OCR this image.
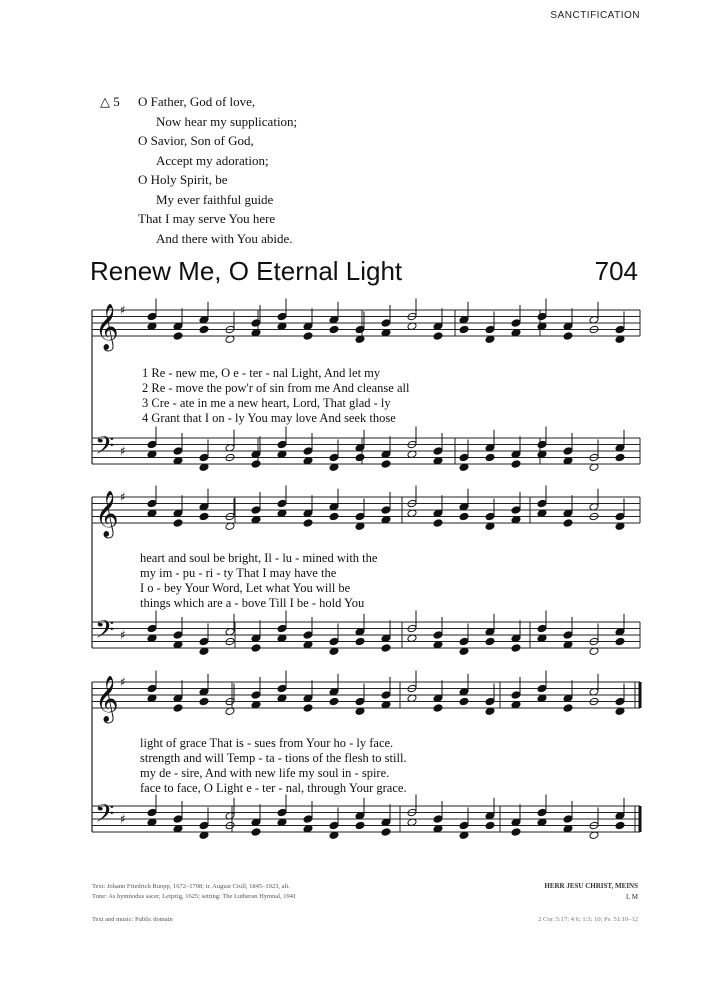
SANCTIFICATION
△ 5	O Father, God of love,
Now hear my supplication;
O Savior, Son of God,
Accept my adoration;
O Holy Spirit, be
My ever faithful guide
That I may serve You here
And there with You abide.
Renew Me, O Eternal Light	704
𝄞 ♯
𝄢 ♯
𝄞 ♯
𝄢 ♯
𝄞 ♯
𝄢 ♯
1 Re - new me, O e - ter - nal Light, And let my
2 Re - move the pow'r of sin from me And cleanse all
3 Cre - ate in me a new heart, Lord, That glad - ly
4 Grant that I on - ly You may love And seek those
heart and soul be bright, Il - lu - mined with the
my im - pu - ri - ty That I may have the
I o - bey Your Word, Let what You will be
things which are a - bove Till I be - hold You
light of grace That is - sues from Your ho - ly face.
strength and will Temp - ta - tions of the flesh to still.
my de - sire, And with new life my soul in - spire.
face to face, O Light e - ter - nal, through Your grace.
Text: Johann Friedrich Ruopp, 1672–1708; tr. August Crull, 1845–1923, alt.
Tune: As hymnodus sacer, Leipzig, 1625; setting: The Lutheran Hymnal, 1941
Text and music: Public domain
HERR JESU CHRIST, MEINS
L M
2 Cor. 5:17; 4:6; 1:3; 10; Ps. 51:10–12
